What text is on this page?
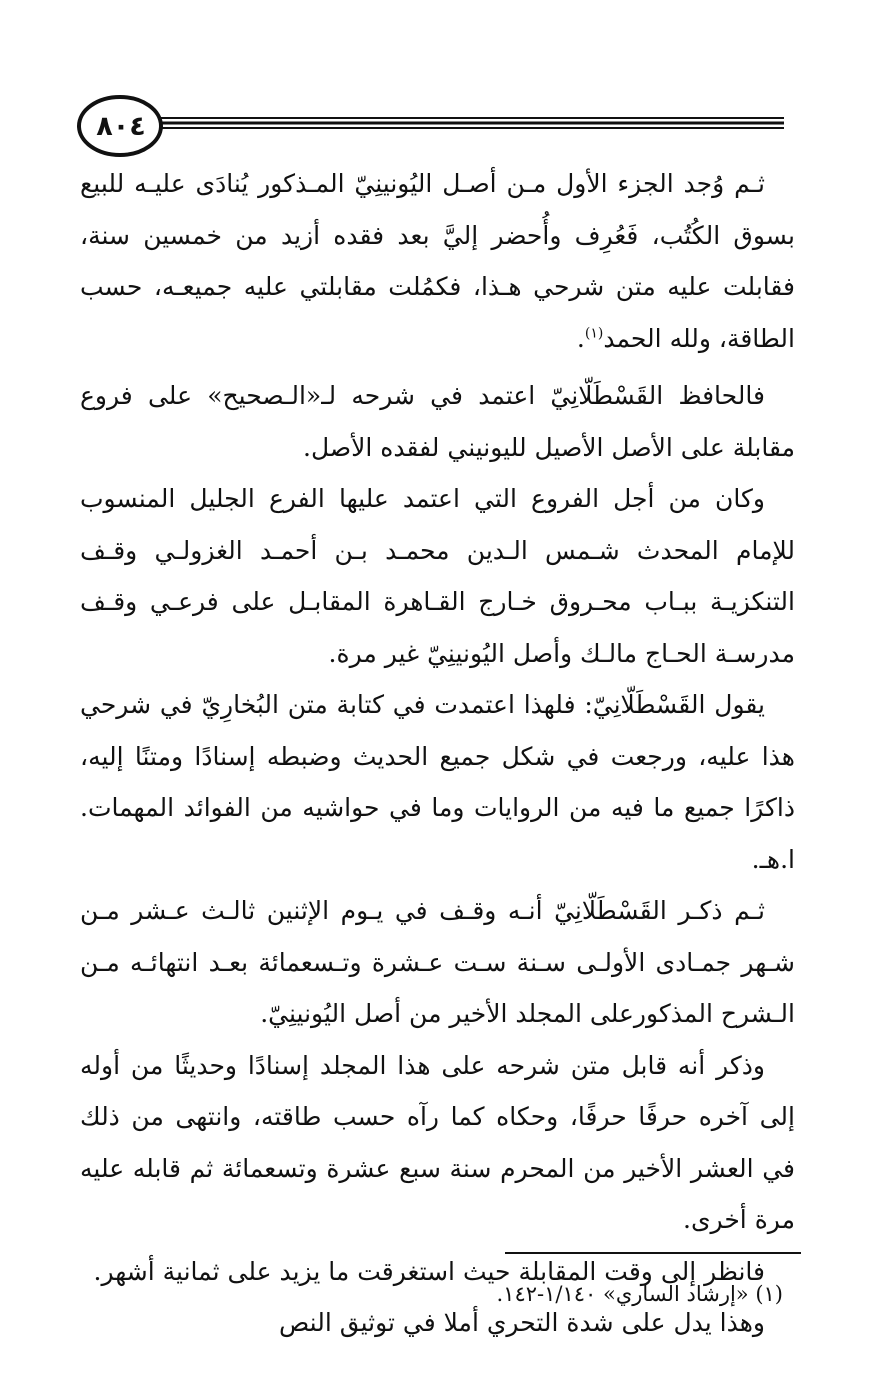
٨٠٤

ثـم وُجد الجزء الأول مـن أصـل اليُونينِيّ المـذكور يُنادَى عليـه للبيع بسوق الكُتُب، فَعُرِف وأُحضر إليَّ بعد فقده أزيد من خمسين سنة، فقابلت عليه متن شرحي هـذا، فكمُلت مقابلتي عليه جميعـه، حسب الطاقة، ولله الحمد$^{(١)}$.

فالحافظ القَسْطَلّانِيّ اعتمد في شرحه لـ«الـصحيح» على فروع مقابلة على الأصل الأصيل لليونيني لفقده الأصل.

وكان من أجل الفروع التي اعتمد عليها الفرع الجليل المنسوب للإمام المحدث شـمس الـدين محمـد بـن أحمـد الغزولـي وقـف التنكزيـة ببـاب محـروق خـارج القـاهرة المقابـل على فرعـي وقـف مدرسـة الحـاج مالـك وأصل اليُونينِيّ غير مرة.

يقول القَسْطَلّانِيّ: فلهذا اعتمدت في كتابة متن البُخارِيّ في شرحي هذا عليه، ورجعت في شكل جميع الحديث وضبطه إسنادًا ومتنًا إليه، ذاكرًا جميع ما فيه من الروايات وما في حواشيه من الفوائد المهمات. ا.هـ.

ثـم ذكـر القَسْطَلّانِيّ أنـه وقـف في يـوم الإثنين ثالـث عـشر مـن شـهر جمـادى الأولـى سـنة سـت عـشرة وتـسعمائة بعـد انتهائـه مـن الـشرح المذكورعلى المجلد الأخير من أصل اليُونينِيّ.

وذكر أنه قابل متن شرحه على هذا المجلد إسنادًا وحديثًا من أوله إلى آخره حرفًا حرفًا، وحكاه كما رآه حسب طاقته، وانتهى من ذلك في العشر الأخير من المحرم سنة سبع عشرة وتسعمائة ثم قابله عليه مرة أخرى.

فانظر إلى وقت المقابلة حيث استغرقت ما يزيد على ثمانية أشهر.

وهذا يدل على شدة التحري أملا في توثيق النص

(١) «إرشاد الساري» ١/١٤٠-١٤٢.
